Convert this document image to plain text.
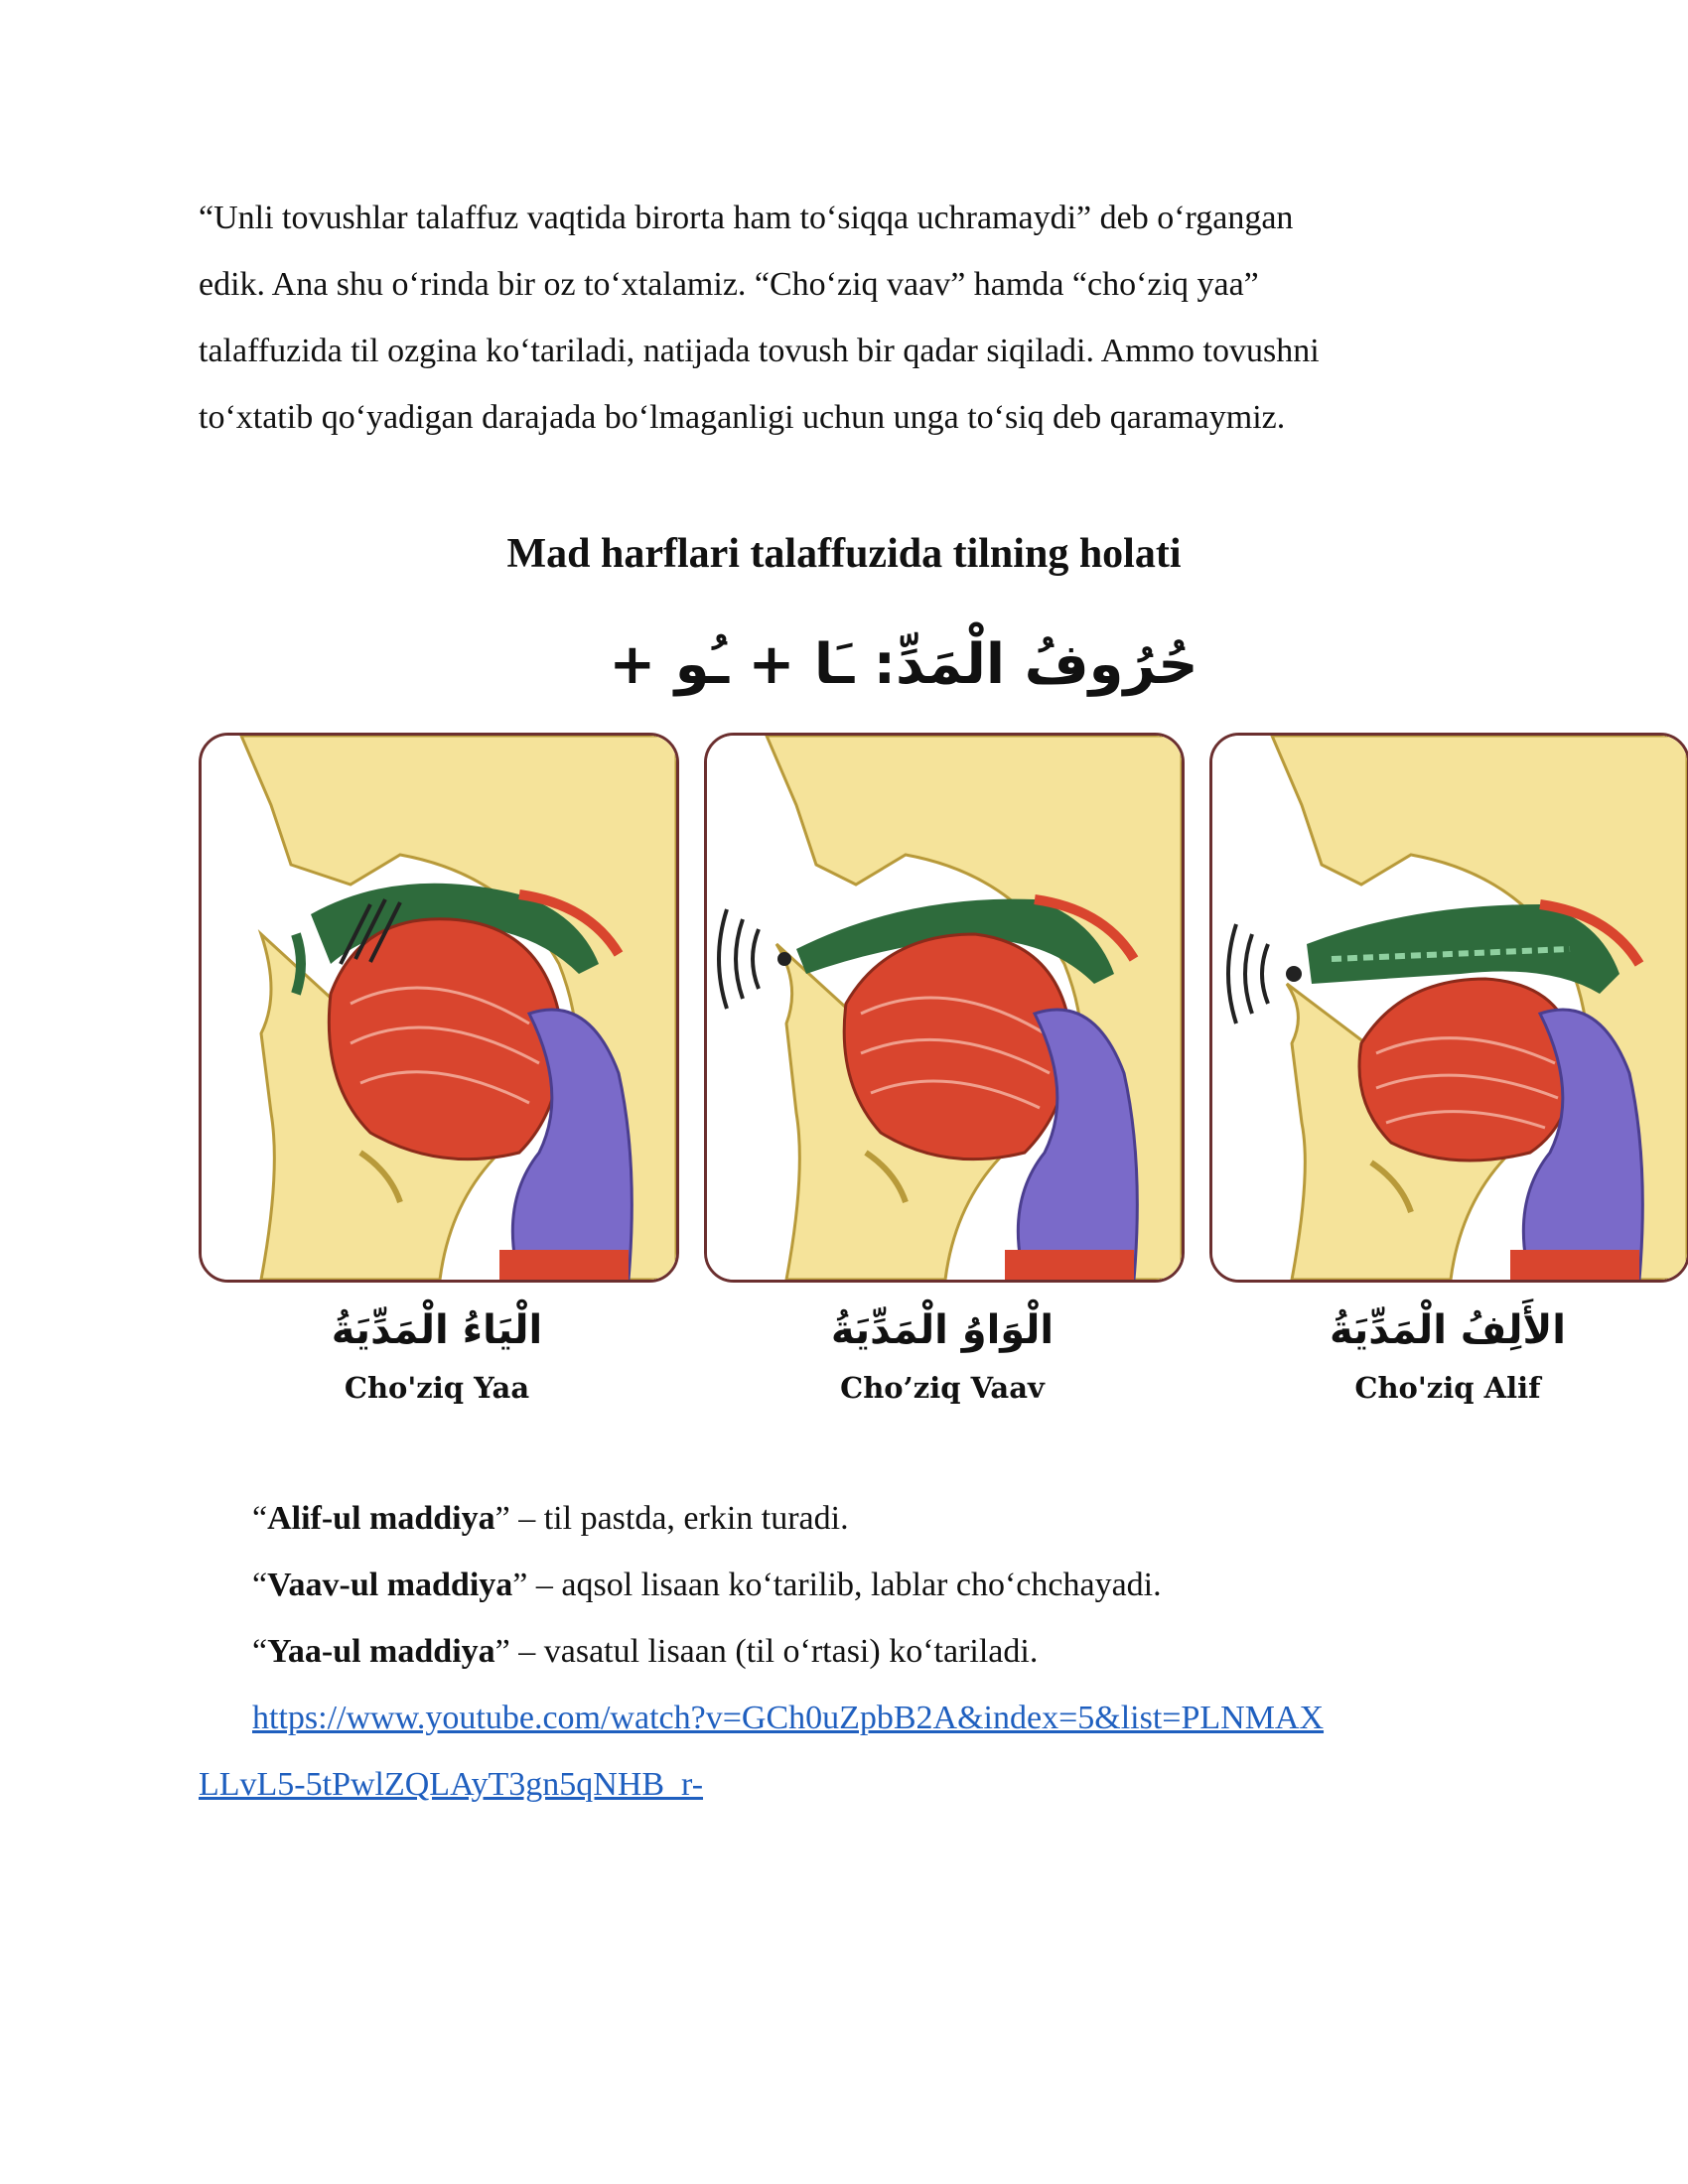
“Unli tovushlar talaffuz vaqtida birorta ham to‘siqqa uchramaydi” deb o‘rgangan
edik. Ana shu o‘rinda bir oz to‘xtalamiz. “Cho‘ziq vaav” hamda “cho‘ziq yaa”
talaffuzida til ozgina ko‘tariladi, natijada tovush bir qadar siqiladi. Ammo tovushni
to‘xtatib qo‘yadigan darajada bo‘lmaganligi uchun unga to‘siq deb qaramaymiz.

Mad harflari talaffuzida tilning holati
حُرُوفُ الْمَدِّ: ـَا + ـُو +
الْيَاءُ الْمَدِّيَةُ
Cho'ziq Yaa
الْوَاوُ الْمَدِّيَةُ
Cho’ziq Vaav
الأَلِفُ الْمَدِّيَةُ
Cho'ziq Alif

“Alif-ul maddiya” – til pastda, erkin turadi.

“Vaav-ul maddiya” – aqsol lisaan ko‘tarilib, lablar cho‘chchayadi.

“Yaa-ul maddiya” – vasatul lisaan (til o‘rtasi) ko‘tariladi.

https://www.youtube.com/watch?v=GCh0uZpbB2A&index=5&list=PLNMAX
LLvL5-5tPwlZQLAyT3gn5qNHB_r-
